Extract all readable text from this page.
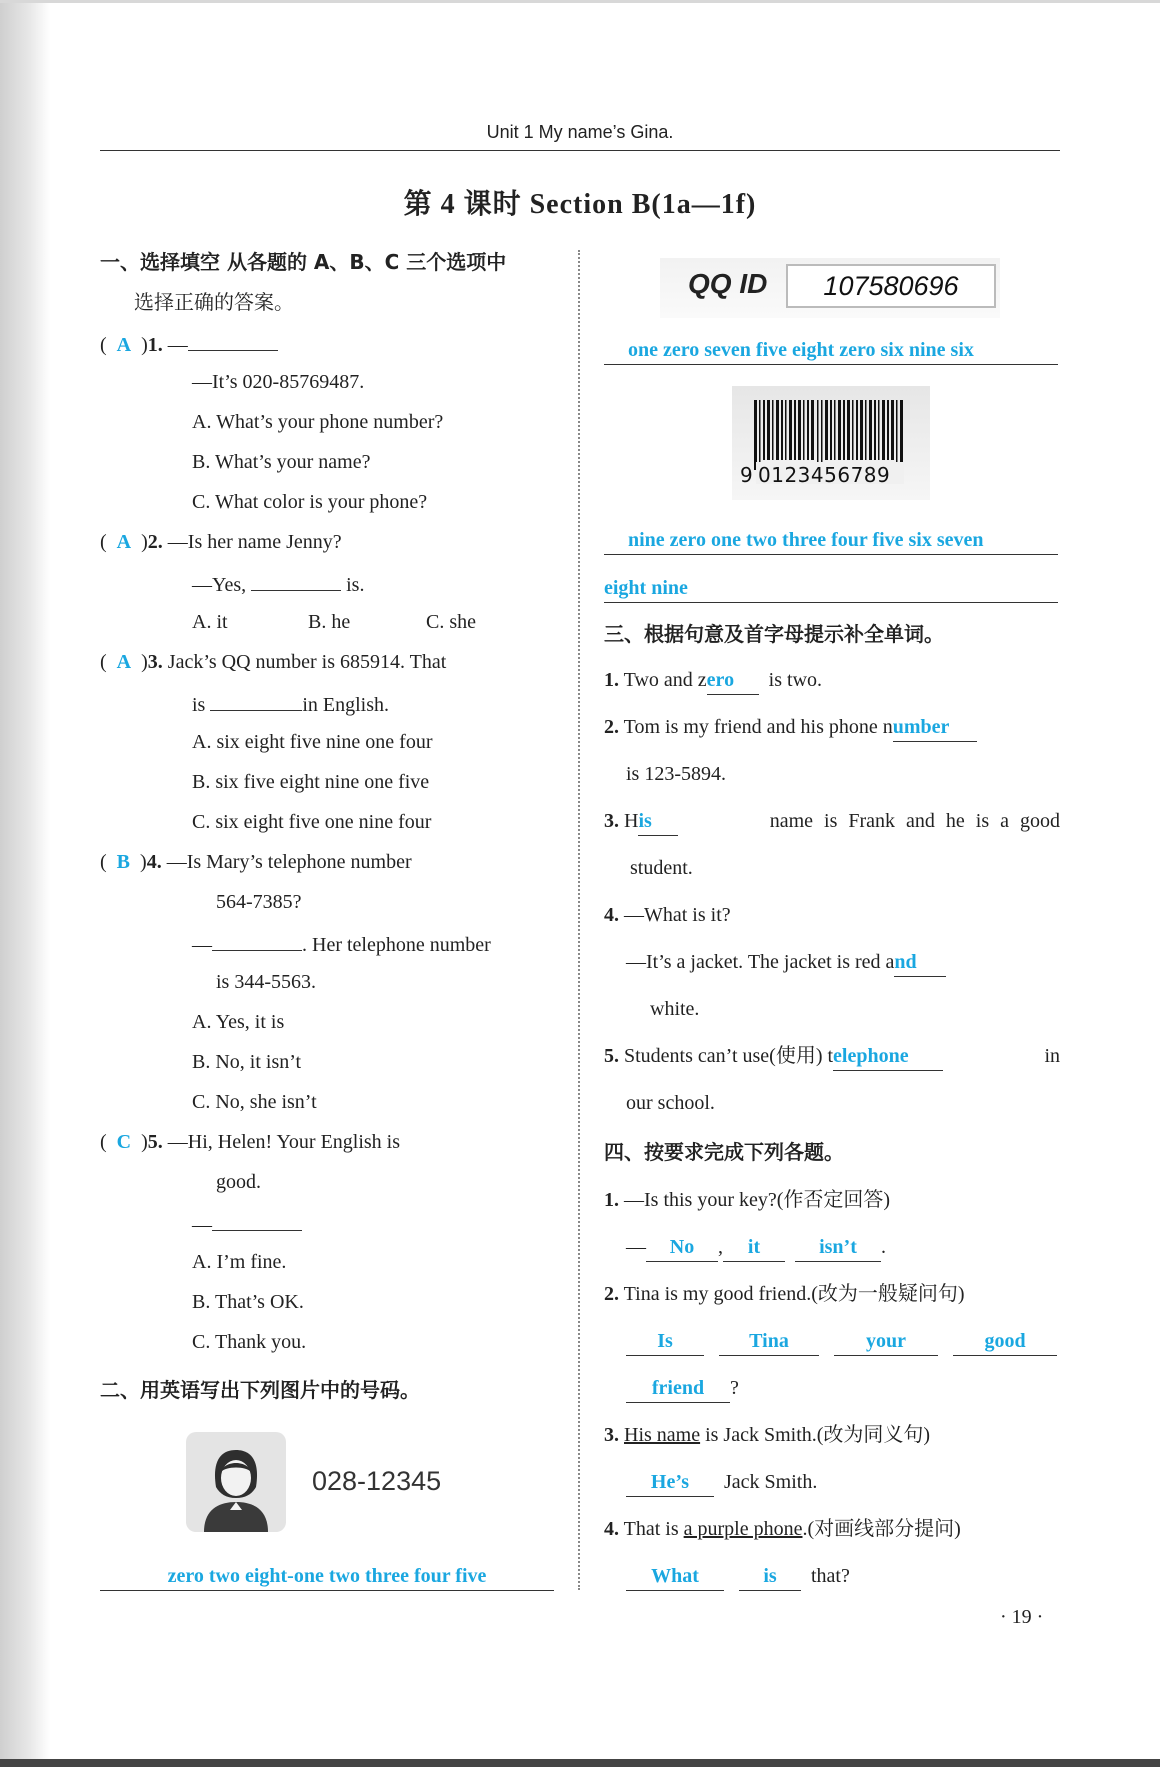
Unit 1 My name’s Gina.
第 4 课时 Section B(1a—1f)
一、选择填空 从各题的 A、B、C 三个选项中
选择正确的答案。
( A )1. —
—It’s 020-85769487.
A. What’s your phone number?
B. What’s your name?
C. What color is your phone?
( A )2. —Is her name Jenny?
—Yes,	is.
A. it	B. he	C. she
( A )3. Jack’s QQ number is 685914. That
is	in English.
A. six eight five nine one four
B. six five eight nine one five
C. six eight five one nine four
( B )4. —Is Mary’s telephone number
564-7385?
—	. Her telephone number
is 344-5563.
A. Yes, it is
B. No, it isn’t
C. No, she isn’t
( C )5. —Hi, Helen! Your English is
good.
—
A. I’m fine.
B. That’s OK.
C. Thank you.
二、用英语写出下列图片中的号码。
028-12345
zero two eight-one two three four five
QQ ID	107580696
one zero seven five eight zero six nine six
9 0123456789
nine zero one two three four five six seven
eight nine
三、根据句意及首字母提示补全单词。
1. Two and zero is two.
2. Tom is my friend and his phone number
is 123-5894.
3. His	name is Frank and he is a good
student.
4. —What is it?
—It’s a jacket. The jacket is red and
white.
5. Students can’t use(使用) telephone	in
our school.
四、按要求完成下列各题。
1. —Is this your key?(作否定回答)
— No , it	isn’t .
2. Tina is my good friend.(改为一般疑问句)
Is	Tina	your	good
friend ?
3. His name is Jack Smith.(改为同义句)
He’s Jack Smith.
4. That is a purple phone.(对画线部分提问)
What	is that?
· 19 ·
